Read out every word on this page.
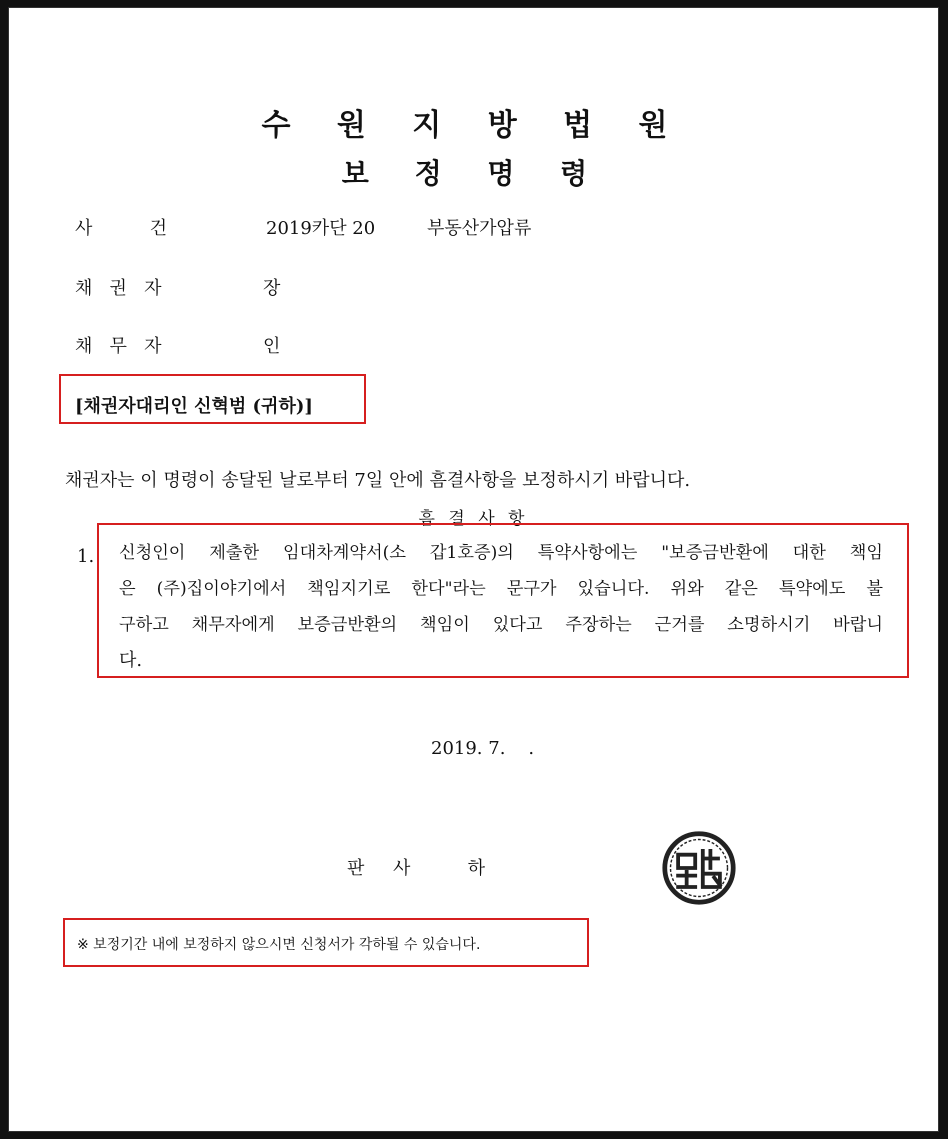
수 원 지 방 법 원
보 정 명 령
사          건	2019카단 20	부동산가압류
채   권   자	장
채   무   자	인
[채권자대리인 신혁범 (귀하)]
채권자는 이 명령이 송달된 날로부터 7일 안에 흠결사항을 보정하시기 바랍니다.
흠 결 사 항
1. 신청인이 제출한 임대차계약서(소 갑1호증)의 특약사항에는 "보증금반환에 대한 책임
은 (주)집이야기에서 책임지기로 한다"라는 문구가 있습니다. 위와 같은 특약에도 불
구하고 채무자에게 보증금반환의 책임이 있다고 주장하는 근거를 소명하시기 바랍니
다.
2019. 7.    .
판     사          하
※ 보정기간 내에 보정하지 않으시면 신청서가 각하될 수 있습니다.
